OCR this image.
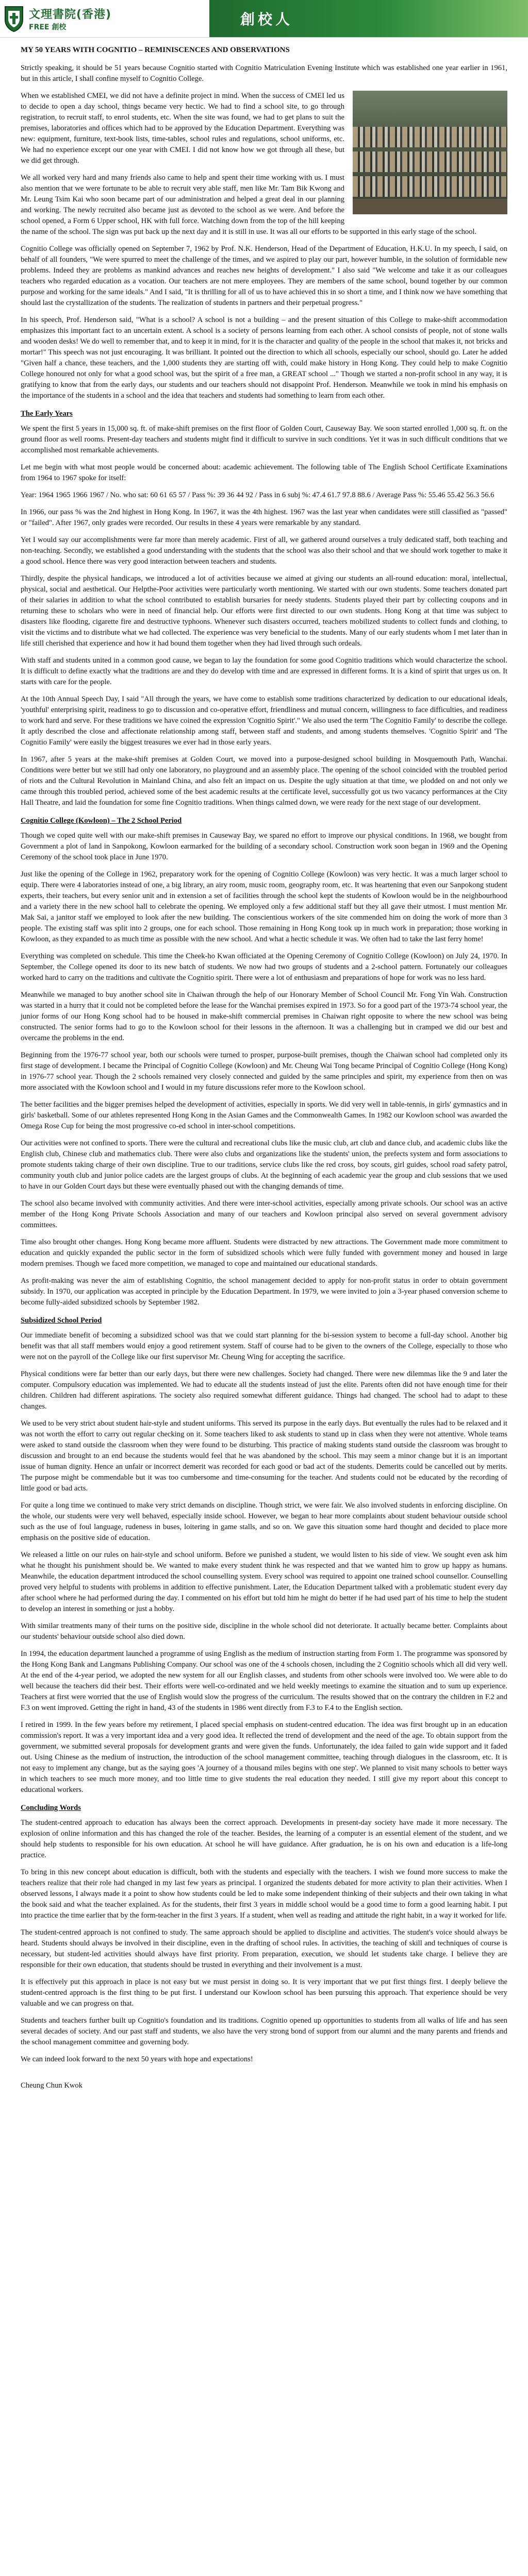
文理書院(香港)
FREE 創校	創校人
MY 50 YEARS WITH COGNITIO – REMINISCENCES AND OBSERVATIONS

Strictly speaking, it should be 51 years because Cognitio started with Cognitio Matriculation Evening Institute which was established one year earlier in 1961, but in this article, I shall confine myself to Cognitio College.

When we established CMEI, we did not have a definite project in mind. When the success of CMEI led us to decide to open a day school, things became very hectic. We had to find a school site, to go through registration, to recruit staff, to enrol students, etc. When the site was found, we had to get plans to suit the premises, laboratories and offices which had to be approved by the Education Department. Everything was new: equipment, furniture, text-book lists, time-tables, school rules and regulations, school uniforms, etc. We had no experience except our one year with CMEI. I did not know how we got through all these, but we did get through.

We all worked very hard and many friends also came to help and spent their time working with us. I must also mention that we were fortunate to be able to recruit very able staff, men like Mr. Tam Bik Kwong and Mr. Leung Tsim Kai who soon became part of our administration and helped a great deal in our planning and working. The newly recruited also became just as devoted to the school as we were. And before the school opened, a Form 6 Upper school, HK with full force. Watching down from the top of the hill keeping the name of the school. The sign was put back up the next day and it is still in use. It was all our efforts to be supported in this early stage of the school.

Cognitio College was officially opened on September 7, 1962 by Prof. N.K. Henderson, Head of the Department of Education, H.K.U. In my speech, I said, on behalf of all founders, "We were spurred to meet the challenge of the times, and we aspired to play our part, however humble, in the solution of formidable new problems. Indeed they are problems as mankind advances and reaches new heights of development." I also said "We welcome and take it as our colleagues teachers who regarded education as a vocation. Our teachers are not mere employees. They are members of the same school, bound together by our common purpose and working for the same ideals." And I said, "It is thrilling for all of us to have achieved this in so short a time, and I think now we have something that should last the crystallization of the students. The realization of students in partners and their perpetual progress."

In his speech, Prof. Henderson said, "What is a school? A school is not a building – and the present situation of this College to make-shift accommodation emphasizes this important fact to an uncertain extent. A school is a society of persons learning from each other. A school consists of people, not of stone walls and wooden desks! We do well to remember that, and to keep it in mind, for it is the character and quality of the people in the school that makes it, not bricks and mortar!" This speech was not just encouraging. It was brilliant. It pointed out the direction to which all schools, especially our school, should go. Later he added "Given half a chance, these teachers, and the 1,000 students they are starting off with, could make history in Hong Kong. They could help to make Cognitio College honoured not only for what a good school was, but the spirit of a free man, a GREAT school ..." Though we started a non-profit school in any way, it is gratifying to know that from the early days, our students and our teachers should not disappoint Prof. Henderson. Meanwhile we took in mind his emphasis on the importance of the students in a school and the idea that teachers and students had something to learn from each other.

The Early Years

We spent the first 5 years in 15,000 sq. ft. of make-shift premises on the first floor of Golden Court, Causeway Bay. We soon started enrolled 1,000 sq. ft. on the ground floor as well rooms. Present-day teachers and students might find it difficult to survive in such conditions. Yet it was in such difficult conditions that we accomplished most remarkable achievements.

Let me begin with what most people would be concerned about: academic achievement. The following table of The English School Certificate Examinations from 1964 to 1967 spoke for itself:

Year: 1964 1965 1966 1967 / No. who sat: 60 61 65 57 / Pass %: 39 36 44 92 / Pass in 6 subj %: 47.4 61.7 97.8 88.6 / Average Pass %: 55.46 55.42 56.3 56.6

In 1966, our pass % was the 2nd highest in Hong Kong. In 1967, it was the 4th highest. 1967 was the last year when candidates were still classified as "passed" or "failed". After 1967, only grades were recorded. Our results in these 4 years were remarkable by any standard.

Yet I would say our accomplishments were far more than merely academic. First of all, we gathered around ourselves a truly dedicated staff, both teaching and non-teaching. Secondly, we established a good understanding with the students that the school was also their school and that we should work together to make it a good school. Hence there was very good interaction between teachers and students.

Thirdly, despite the physical handicaps, we introduced a lot of activities because we aimed at giving our students an all-round education: moral, intellectual, physical, social and aesthetical. Our Helpthe-Poor activities were particularly worth mentioning. We started with our own students. Some teachers donated part of their salaries in addition to what the school contributed to establish bursaries for needy students. Students played their part by collecting coupons and in returning these to scholars who were in need of financial help. Our efforts were first directed to our own students. Hong Kong at that time was subject to disasters like flooding, cigarette fire and destructive typhoons. Whenever such disasters occurred, teachers mobilized students to collect funds and clothing, to visit the victims and to distribute what we had collected. The experience was very beneficial to the students. Many of our early students whom I met later than in life still cherished that experience and how it had bound them together when they had lived through such ordeals.

With staff and students united in a common good cause, we began to lay the foundation for some good Cognitio traditions which would characterize the school. It is difficult to define exactly what the traditions are and they do develop with time and are expressed in different forms. It is a kind of spirit that urges us on. It starts with care for the people.

At the 10th Annual Speech Day, I said "All through the years, we have come to establish some traditions characterized by dedication to our educational ideals, 'youthful' enterprising spirit, readiness to go to discussion and co-operative effort, friendliness and mutual concern, willingness to face difficulties, and readiness to work hard and serve. For these traditions we have coined the expression 'Cognitio Spirit'." We also used the term 'The Cognitio Family' to describe the college. It aptly described the close and affectionate relationship among staff, between staff and students, and among students themselves. 'Cognitio Spirit' and 'The Cognitio Family' were easily the biggest treasures we ever had in those early years.

In 1967, after 5 years at the make-shift premises at Golden Court, we moved into a purpose-designed school building in Mosquemouth Path, Wanchai. Conditions were better but we still had only one laboratory, no playground and an assembly place. The opening of the school coincided with the troubled period of riots and the Cultural Revolution in Mainland China, and also felt an impact on us. Despite the ugly situation at that time, we plodded on and not only we came through this troubled period, achieved some of the best academic results at the certificate level, successfully got us two vacancy performances at the City Hall Theatre, and laid the foundation for some fine Cognitio traditions. When things calmed down, we were ready for the next stage of our development.

Cognitio College (Kowloon) – The 2 School Period

Though we coped quite well with our make-shift premises in Causeway Bay, we spared no effort to improve our physical conditions. In 1968, we bought from Government a plot of land in Sanpokong, Kowloon earmarked for the building of a secondary school. Construction work soon began in 1969 and the Opening Ceremony of the school took place in June 1970.

Just like the opening of the College in 1962, preparatory work for the opening of Cognitio College (Kowloon) was very hectic. It was a much larger school to equip. There were 4 laboratories instead of one, a big library, an airy room, music room, geography room, etc. It was heartening that even our Sanpokong student experts, their teachers, but every senior unit and in extension a set of facilities through the school kept the students of Kowloon would be in the neighbourhood and a variety there in the new school hall to celebrate the opening. We employed only a few additional staff but they all gave their utmost. I must mention Mr. Mak Sai, a janitor staff we employed to look after the new building. The conscientious workers of the site commended him on doing the work of more than 3 people. The existing staff was split into 2 groups, one for each school. Those remaining in Hong Kong took up in much work in preparation; those working in Kowloon, as they expanded to as much time as possible with the new school. And what a hectic schedule it was. We often had to take the last ferry home!

Everything was completed on schedule. This time the Cheek-ho Kwan officiated at the Opening Ceremony of Cognitio College (Kowloon) on July 24, 1970. In September, the College opened its door to its new batch of students. We now had two groups of students and a 2-school pattern. Fortunately our colleagues worked hard to carry on the traditions and cultivate the Cognitio spirit. There were a lot of enthusiasm and preparations of hope for work was no less hard.

Meanwhile we managed to buy another school site in Chaiwan through the help of our Honorary Member of School Council Mr. Fong Yin Wah. Construction was started in a hurry that it could not be completed before the lease for the Wanchai premises expired in 1973. So for a good part of the 1973-74 school year, the junior forms of our Hong Kong school had to be housed in make-shift commercial premises in Chaiwan right opposite to where the new school was being constructed. The senior forms had to go to the Kowloon school for their lessons in the afternoon. It was a challenging but in cramped we did our best and overcame the problems in the end.

Beginning from the 1976-77 school year, both our schools were turned to prosper, purpose-built premises, though the Chaiwan school had completed only its first stage of development. I became the Principal of Cognitio College (Kowloon) and Mr. Cheung Wai Tong became Principal of Cognitio College (Hong Kong) in 1976-77 school year. Though the 2 schools remained very closely connected and guided by the same principles and spirit, my experience from then on was more associated with the Kowloon school and I would in my future discussions refer more to the Kowloon school.

The better facilities and the bigger premises helped the development of activities, especially in sports. We did very well in table-tennis, in girls' gymnastics and in girls' basketball. Some of our athletes represented Hong Kong in the Asian Games and the Commonwealth Games. In 1982 our Kowloon school was awarded the Omega Rose Cup for being the most progressive co-ed school in inter-school competitions.

Our activities were not confined to sports. There were the cultural and recreational clubs like the music club, art club and dance club, and academic clubs like the English club, Chinese club and mathematics club. There were also clubs and organizations like the students' union, the prefects system and form associations to promote students taking charge of their own discipline. True to our traditions, service clubs like the red cross, boy scouts, girl guides, school road safety patrol, community youth club and junior police cadets are the largest groups of clubs. At the beginning of each academic year the group and club sessions that we used to have in our Golden Court days but these were eventually phased out with the changing demands of time.

The school also became involved with community activities. And there were inter-school activities, especially among private schools. Our school was an active member of the Hong Kong Private Schools Association and many of our teachers and Kowloon principal also served on several government advisory committees.

Time also brought other changes. Hong Kong became more affluent. Students were distracted by new attractions. The Government made more commitment to education and quickly expanded the public sector in the form of subsidized schools which were fully funded with government money and housed in large modern premises. Though we faced more competition, we managed to cope and maintained our educational standards.

As profit-making was never the aim of establishing Cognitio, the school management decided to apply for non-profit status in order to obtain government subsidy. In 1970, our application was accepted in principle by the Education Department. In 1979, we were invited to join a 3-year phased conversion scheme to become fully-aided subsidized schools by September 1982.

Subsidized School Period

Our immediate benefit of becoming a subsidized school was that we could start planning for the bi-session system to become a full-day school. Another big benefit was that all staff members would enjoy a good retirement system. Staff of course had to be given to the owners of the College, especially to those who were not on the payroll of the College like our first supervisor Mr. Cheung Wing for accepting the sacrifice.

Physical conditions were far better than our early days, but there were new challenges. Society had changed. There were new dilemmas like the 9 and later the computer. Compulsory education was implemented. We had to educate all the students instead of just the elite. Parents often did not have enough time for their children. Children had different aspirations. The society also required somewhat different guidance. Things had changed. The school had to adapt to these changes.

We used to be very strict about student hair-style and student uniforms. This served its purpose in the early days. But eventually the rules had to be relaxed and it was not worth the effort to carry out regular checking on it. Some teachers liked to ask students to stand up in class when they were not attentive. Whole teams were asked to stand outside the classroom when they were found to be disturbing. This practice of making students stand outside the classroom was brought to discussion and brought to an end because the students would feel that he was abandoned by the school. This may seem a minor change but it is an important issue of human dignity. Hence an unfair or incorrect demerit was recorded for each good or bad act of the students. Demerits could be cancelled out by merits. The purpose might be commendable but it was too cumbersome and time-consuming for the teacher. And students could not be educated by the recording of little good or bad acts.

For quite a long time we continued to make very strict demands on discipline. Though strict, we were fair. We also involved students in enforcing discipline. On the whole, our students were very well behaved, especially inside school. However, we began to hear more complaints about student behaviour outside school such as the use of foul language, rudeness in buses, loitering in game stalls, and so on. We gave this situation some hard thought and decided to place more emphasis on the positive side of education.

We released a little on our rules on hair-style and school uniform. Before we punished a student, we would listen to his side of view. We sought even ask him what he thought his punishment should be. We wanted to make every student think he was respected and that we wanted him to grow up happy as humans. Meanwhile, the education department introduced the school counselling system. Every school was required to appoint one trained school counsellor. Counselling proved very helpful to students with problems in addition to effective punishment. Later, the Education Department talked with a problematic student every day after school where he had performed during the day. I commented on his effort but told him he might do better if he had used part of his time to help the student to develop an interest in something or just a hobby.

With similar treatments many of their turns on the positive side, discipline in the whole school did not deteriorate. It actually became better. Complaints about our students' behaviour outside school also died down.

In 1994, the education department launched a programme of using English as the medium of instruction starting from Form 1. The programme was sponsored by the Hong Kong Bank and Langmans Publishing Company. Our school was one of the 4 schools chosen, including the 2 Cognitio schools which all did very well. At the end of the 4-year period, we adopted the new system for all our English classes, and students from other schools were involved too. We were able to do well because the teachers did their best. Their efforts were well-co-ordinated and we held weekly meetings to examine the situation and to sum up experience. Teachers at first were worried that the use of English would slow the progress of the curriculum. The results showed that on the contrary the children in F.2 and F.3 on went improved. Getting the right in hand, 43 of the students in 1986 went directly from F.3 to F.4 to the English section.

I retired in 1999. In the few years before my retirement, I placed special emphasis on student-centred education. The idea was first brought up in an education commission's report. It was a very important idea and a very good idea. It reflected the trend of development and the need of the age. To obtain support from the government, we submitted several proposals for development grants and were given the funds. Unfortunately, the idea failed to gain wide support and it faded out. Using Chinese as the medium of instruction, the introduction of the school management committee, teaching through dialogues in the classroom, etc. It is not easy to implement any change, but as the saying goes 'A journey of a thousand miles begins with one step'. We planned to visit many schools to better ways in which teachers to see much more money, and too little time to give students the real education they needed. I still give my report about this concept to educational workers.

Concluding Words

The student-centred approach to education has always been the correct approach. Developments in present-day society have made it more necessary. The explosion of online information and this has changed the role of the teacher. Besides, the learning of a computer is an essential element of the student, and we should help students to responsible for his own education. At school he will have guidance. After graduation, he is on his own and education is a life-long practice.

To bring in this new concept about education is difficult, both with the students and especially with the teachers. I wish we found more success to make the teachers realize that their role had changed in my last few years as principal. I organized the students debated for more activity to plan their activities. When I observed lessons, I always made it a point to show how students could be led to make some independent thinking of their subjects and their own taking in what the book said and what the teacher explained. As for the students, their first 3 years in middle school would be a good time to form a good learning habit. I put into practice the time earlier that by the form-teacher in the first 3 years. If a student, when well as reading and attitude the right habit, in a way it worked for life.

The student-centred approach is not confined to study. The same approach should be applied to discipline and activities. The student's voice should always be heard. Students should always be involved in their discipline, even in the drafting of school rules. In activities, the teaching of skill and techniques of course is necessary, but student-led activities should always have first priority. From preparation, execution, we should let students take charge. I believe they are responsible for their own education, that students should be trusted in everything and their involvement is a must.

It is effectively put this approach in place is not easy but we must persist in doing so. It is very important that we put first things first. I deeply believe the student-centred approach is the first thing to be put first. I understand our Kowloon school has been pursuing this approach. That experience should be very valuable and we can progress on that.

Students and teachers further built up Cognitio's foundation and its traditions. Cognitio opened up opportunities to students from all walks of life and has seen several decades of society. And our past staff and students, we also have the very strong bond of support from our alumni and the many parents and friends and the school management committee and governing body.

We can indeed look forward to the next 50 years with hope and expectations!

Cheung Chun Kwok
